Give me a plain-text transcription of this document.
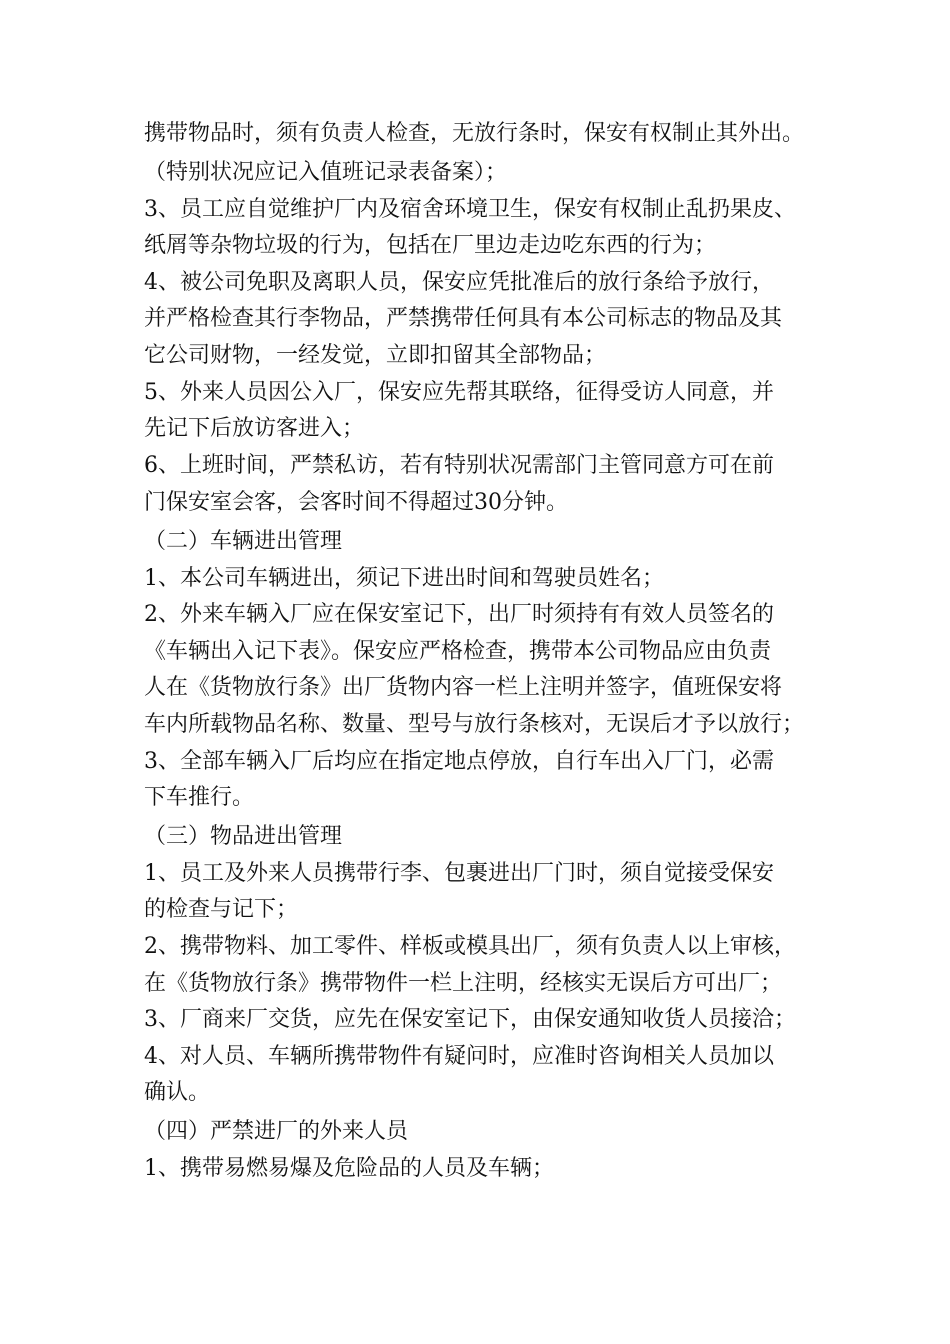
携带物品时，须有负责人检查，无放行条时，保安有权制止其外出。
（特别状况应记入值班记录表备案）；
3、员工应自觉维护厂内及宿舍环境卫生，保安有权制止乱扔果皮、
纸屑等杂物垃圾的行为，包括在厂里边走边吃东西的行为；
4、被公司免职及离职人员，保安应凭批准后的放行条给予放行，
并严格检查其行李物品，严禁携带任何具有本公司标志的物品及其
它公司财物，一经发觉，立即扣留其全部物品；
5、外来人员因公入厂，保安应先帮其联络，征得受访人同意，并
先记下后放访客进入；
6、上班时间，严禁私访，若有特别状况需部门主管同意方可在前
门保安室会客，会客时间不得超过30分钟。
（二）车辆进出管理
1、本公司车辆进出，须记下进出时间和驾驶员姓名；
2、外来车辆入厂应在保安室记下，出厂时须持有有效人员签名的
《车辆出入记下表》。保安应严格检查，携带本公司物品应由负责
人在《货物放行条》出厂货物内容一栏上注明并签字，值班保安将
车内所载物品名称、数量、型号与放行条核对，无误后才予以放行；
3、全部车辆入厂后均应在指定地点停放，自行车出入厂门，必需
下车推行。
（三）物品进出管理
1、员工及外来人员携带行李、包裹进出厂门时，须自觉接受保安
的检查与记下；
2、携带物料、加工零件、样板或模具出厂，须有负责人以上审核，
在《货物放行条》携带物件一栏上注明，经核实无误后方可出厂；
3、厂商来厂交货，应先在保安室记下，由保安通知收货人员接洽；
4、对人员、车辆所携带物件有疑问时，应准时咨询相关人员加以
确认。
（四）严禁进厂的外来人员
1、携带易燃易爆及危险品的人员及车辆；
